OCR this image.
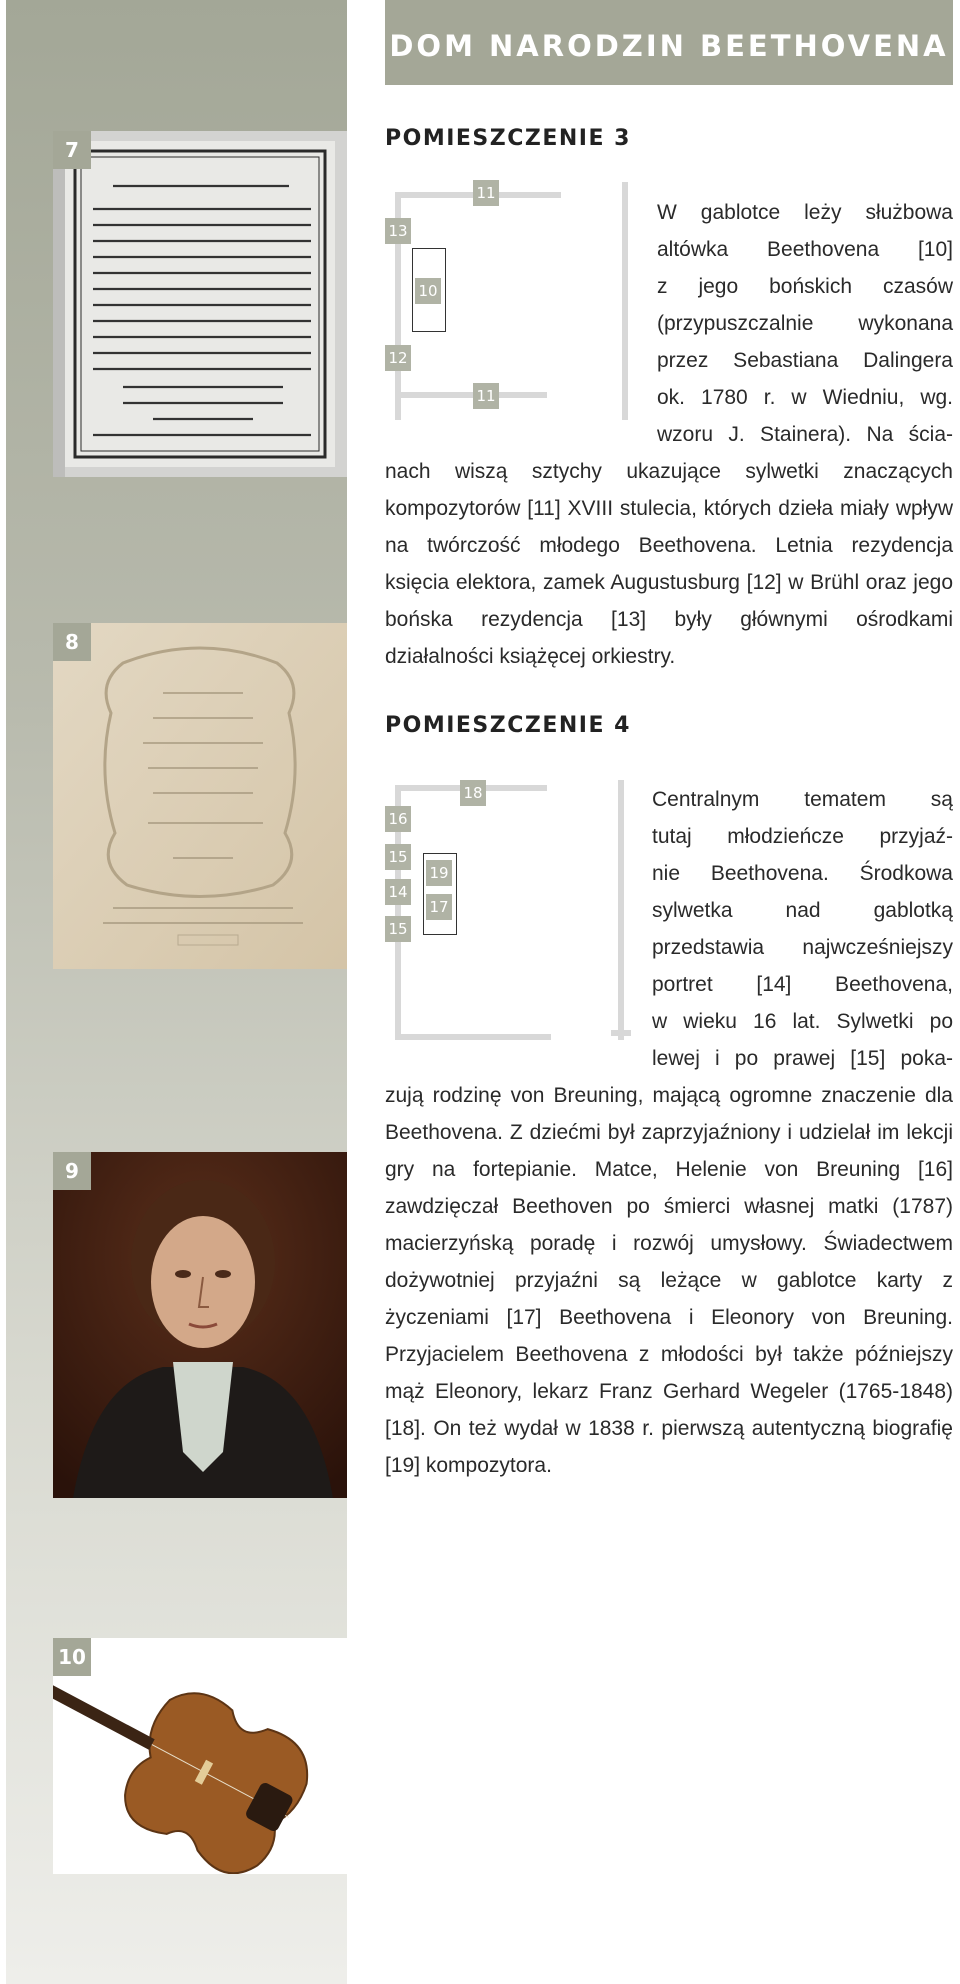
DOM NARODZIN BEETHOVENA
7
8
9
10
POMIESZCZENIE 3
11
13
10
12
11

W gablotce leży służbowa

altówka Beethovena [10]

z jego bońskich czasów

(przypuszczalnie wykonana

przez Sebastiana Dalingera

ok. 1780 r. w Wiedniu, wg.

wzoru J. Stainera). Na ścia-

nach wiszą sztychy ukazujące sylwetki znaczących kompozytorów [11] XVIII stulecia, których dzieła miały wpływ na twórczość młodego Beethovena. Letnia rezydencja księcia elektora, zamek Augustusburg [12] w Brühl oraz jego bońska rezydencja [13] były głównymi ośrodkami działalności książęcej orkiestry.

POMIESZCZENIE 4
18
16
15
14
15
19
17

Centralnym tematem są

tutaj młodzieńcze przyjaź-

nie Beethovena. Środkowa

sylwetka nad gablotką

przedstawia najwcześniejszy

portret [14] Beethovena,

w wieku 16 lat. Sylwetki po

lewej i po prawej [15] poka-

zują rodzinę von Breuning, mającą ogromne znaczenie dla Beethovena. Z dziećmi był zaprzyjaźniony i udzielał im lekcji gry na fortepianie. Matce, Helenie von Breuning [16] zawdzięczał Beethoven po śmierci własnej matki (1787) macierzyńską poradę i rozwój umysłowy. Świadectwem dożywotniej przyjaźni są leżące w gablotce karty z życzeniami [17] Beethovena i Eleonory von Breuning. Przyjacielem Beethovena z młodości był także późniejszy mąż Eleonory, lekarz Franz Gerhard Wegeler (1765-1848) [18]. On też wydał w 1838 r. pierwszą autentyczną biografię [19] kompozytora.
